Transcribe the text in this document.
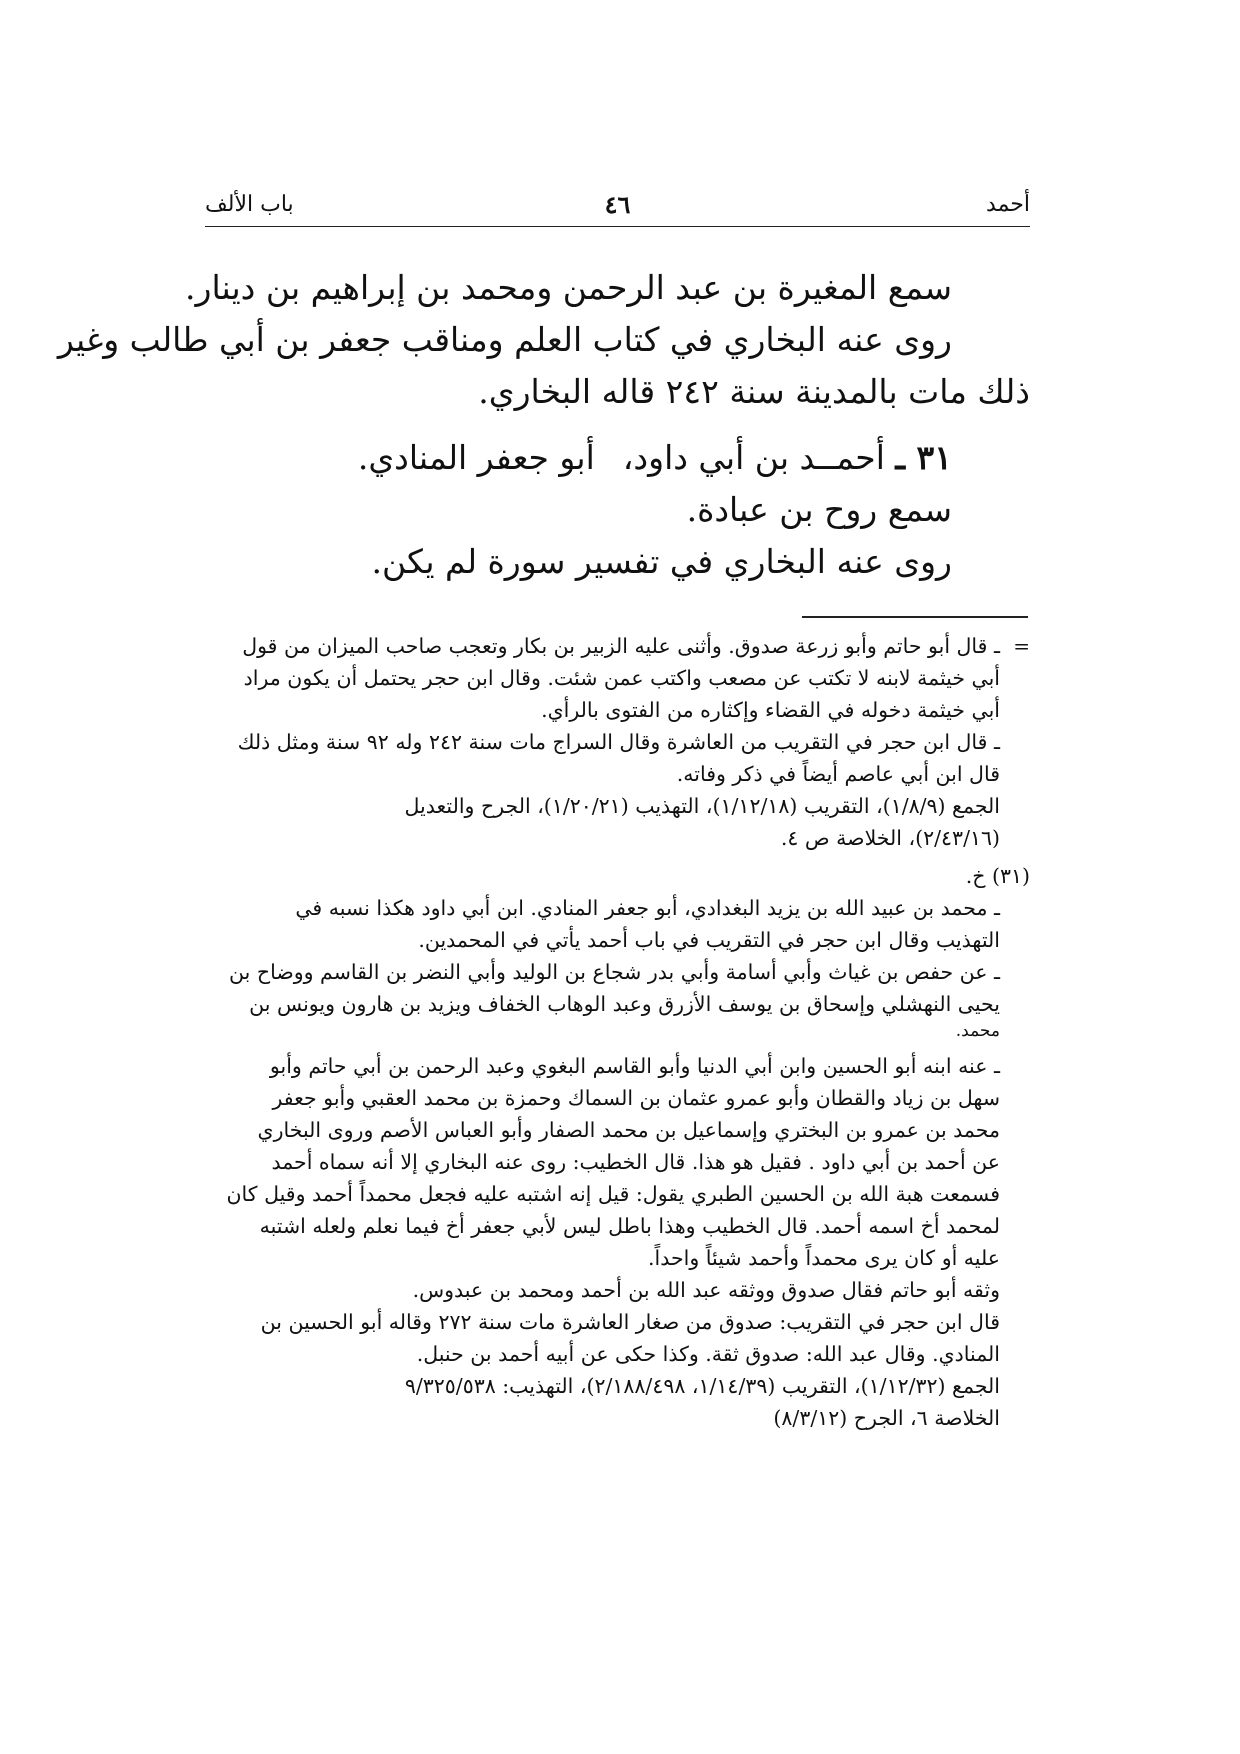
أحمد
٤٦
باب الألف
سمع المغيرة بن عبد الرحمن ومحمد بن إبراهيم بن دينار.
روى عنه البخاري في كتاب العلم ومناقب جعفر بن أبي طالب وغير
ذلك مات بالمدينة سنة ٢٤٢ قاله البخاري.
٣١ ـ أحمــد بن أبي داود،أبو جعفر المنادي.
سمع روح بن عبادة.
روى عنه البخاري في تفسير سورة لم يكن.
=
ـ قال أبو حاتم وأبو زرعة صدوق. وأثنى عليه الزبير بن بكار وتعجب صاحب الميزان من قول
أبي خيثمة لابنه لا تكتب عن مصعب واكتب عمن شئت. وقال ابن حجر يحتمل أن يكون مراد
أبي خيثمة دخوله في القضاء وإكثاره من الفتوى بالرأي.
ـ قال ابن حجر في التقريب من العاشرة وقال السراج مات سنة ٢٤٢ وله ٩٢ سنة ومثل ذلك
قال ابن أبي عاصم أيضاً في ذكر وفاته.
الجمع (١/٨/٩)، التقريب (١/١٢/١٨)، التهذيب (١/٢٠/٢١)، الجرح والتعديل
(٢/٤٣/١٦)، الخلاصة ص ٤.
(٣١) خ.
ـ محمد بن عبيد الله بن يزيد البغدادي، أبو جعفر المنادي. ابن أبي داود هكذا نسبه في
التهذيب وقال ابن حجر في التقريب في باب أحمد يأتي في المحمدين.
ـ عن حفص بن غياث وأبي أسامة وأبي بدر شجاع بن الوليد وأبي النضر بن القاسم ووضاح بن
يحيى النهشلي وإسحاق بن يوسف الأزرق وعبد الوهاب الخفاف ويزيد بن هارون ويونس بن
محمد.
ـ عنه ابنه أبو الحسين وابن أبي الدنيا وأبو القاسم البغوي وعبد الرحمن بن أبي حاتم وأبو
سهل بن زياد والقطان وأبو عمرو عثمان بن السماك وحمزة بن محمد العقبي وأبو جعفر
محمد بن عمرو بن البختري وإسماعيل بن محمد الصفار وأبو العباس الأصم وروى البخاري
عن أحمد بن أبي داود . فقيل هو هذا. قال الخطيب: روى عنه البخاري إلا أنه سماه أحمد
فسمعت هبة الله بن الحسين الطبري يقول: قيل إنه اشتبه عليه فجعل محمداً أحمد وقيل كان
لمحمد أخ اسمه أحمد. قال الخطيب وهذا باطل ليس لأبي جعفر أخ فيما نعلم ولعله اشتبه
عليه أو كان يرى محمداً وأحمد شيئاً واحداً.
وثقه أبو حاتم فقال صدوق ووثقه عبد الله بن أحمد ومحمد بن عبدوس.
قال ابن حجر في التقريب: صدوق من صغار العاشرة مات سنة ٢٧٢ وقاله أبو الحسين بن
المنادي. وقال عبد الله: صدوق ثقة. وكذا حكى عن أبيه أحمد بن حنبل.
الجمع (١/١٢/٣٢)، التقريب (١/١٤/٣٩، ٢/١٨٨/٤٩٨)، التهذيب: ٩/٣٢٥/٥٣٨
الخلاصة ٦، الجرح (٨/٣/١٢)
